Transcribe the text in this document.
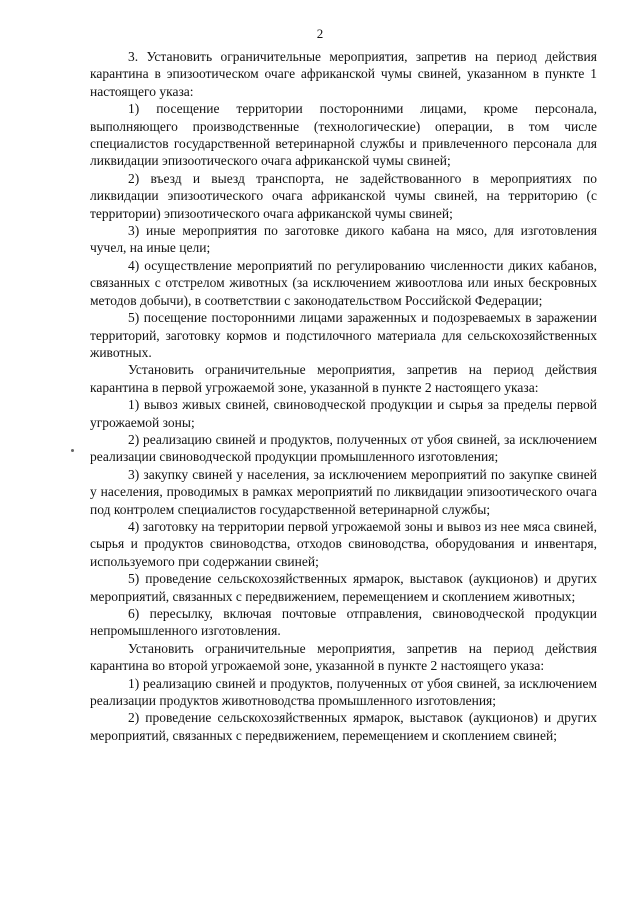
2

3. Установить ограничительные мероприятия, запретив на период действия карантина в эпизоотическом очаге африканской чумы свиней, указанном в пункте 1 настоящего указа:

1) посещение территории посторонними лицами, кроме персонала, выполняющего производственные (технологические) операции, в том числе специалистов государственной ветеринарной службы и привлеченного персонала для ликвидации эпизоотического очага африканской чумы свиней;

2) въезд и выезд транспорта, не задействованного в мероприятиях по ликвидации эпизоотического очага африканской чумы свиней, на территорию (с территории) эпизоотического очага африканской чумы свиней;

3) иные мероприятия по заготовке дикого кабана на мясо, для изготовления чучел, на иные цели;

4) осуществление мероприятий по регулированию численности диких кабанов, связанных с отстрелом животных (за исключением живоотлова или иных бескровных методов добычи), в соответствии с законодательством Российской Федерации;

5) посещение посторонними лицами зараженных и подозреваемых в заражении территорий, заготовку кормов и подстилочного материала для сельскохозяйственных животных.

Установить ограничительные мероприятия, запретив на период действия карантина в первой угрожаемой зоне, указанной в пункте 2 настоящего указа:

1) вывоз живых свиней, свиноводческой продукции и сырья за пределы первой угрожаемой зоны;

2) реализацию свиней и продуктов, полученных от убоя свиней, за исключением реализации свиноводческой продукции промышленного изготовления;

3) закупку свиней у населения, за исключением мероприятий по закупке свиней у населения, проводимых в рамках мероприятий по ликвидации эпизоотического очага под контролем специалистов государственной ветеринарной службы;

4) заготовку на территории первой угрожаемой зоны и вывоз из нее мяса свиней, сырья и продуктов свиноводства, отходов свиноводства, оборудования и инвентаря, используемого при содержании свиней;

5) проведение сельскохозяйственных ярмарок, выставок (аукционов) и других мероприятий, связанных с передвижением, перемещением и скоплением животных;

6) пересылку, включая почтовые отправления, свиноводческой продукции непромышленного изготовления.

Установить ограничительные мероприятия, запретив на период действия карантина во второй угрожаемой зоне, указанной в пункте 2 настоящего указа:

1) реализацию свиней и продуктов, полученных от убоя свиней, за исключением реализации продуктов животноводства промышленного изготовления;

2) проведение сельскохозяйственных ярмарок, выставок (аукционов) и других мероприятий, связанных с передвижением, перемещением и скоплением свиней;
